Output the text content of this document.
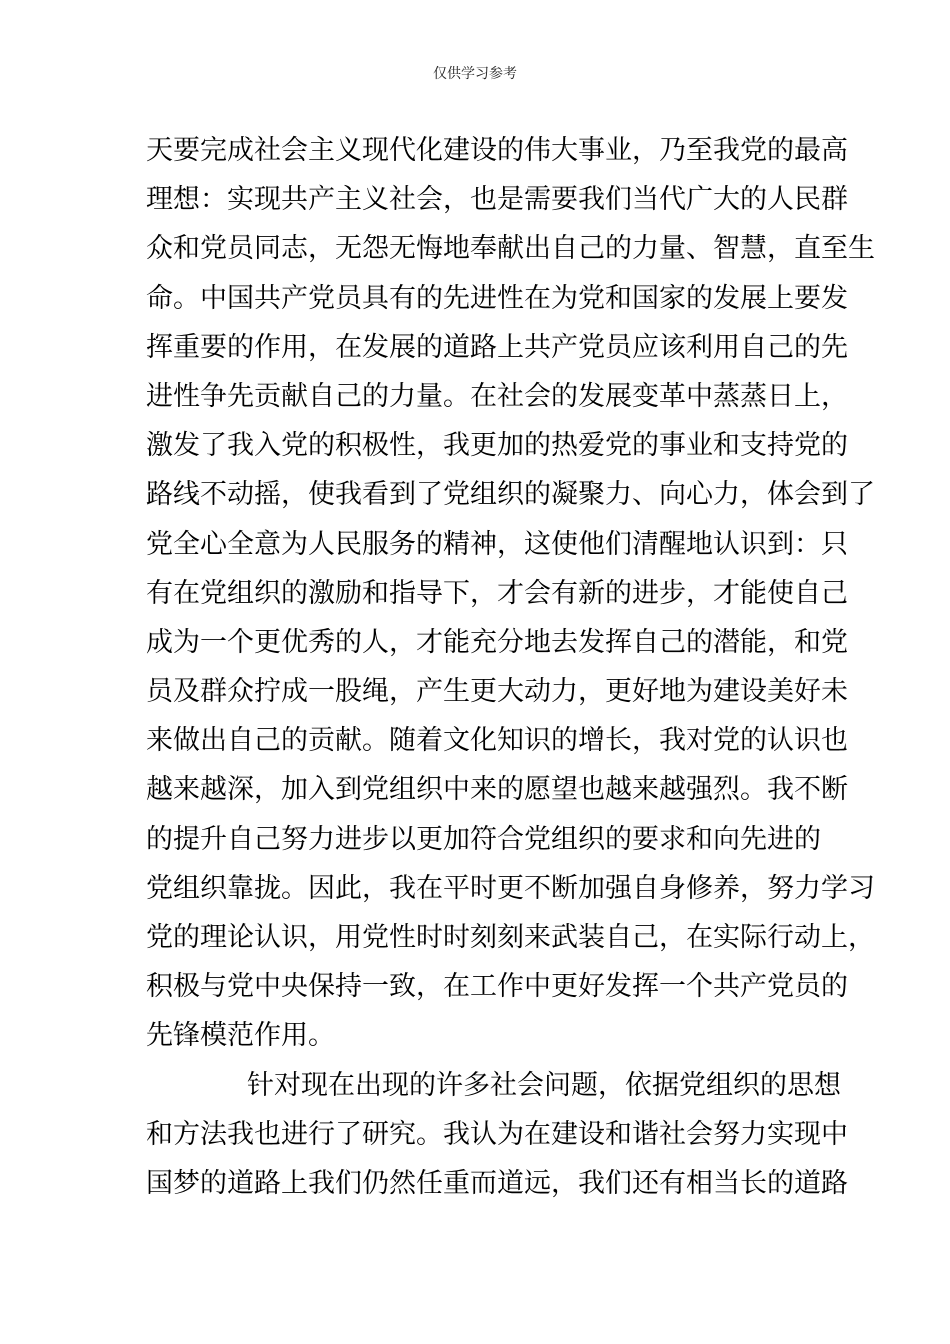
仅供学习参考
天要完成社会主义现代化建设的伟大事业，乃至我党的最高
理想：实现共产主义社会，也是需要我们当代广大的人民群
众和党员同志，无怨无悔地奉献出自己的力量、智慧，直至生
命。中国共产党员具有的先进性在为党和国家的发展上要发
挥重要的作用，在发展的道路上共产党员应该利用自己的先
进性争先贡献自己的力量。在社会的发展变革中蒸蒸日上，
激发了我入党的积极性，我更加的热爱党的事业和支持党的
路线不动摇，使我看到了党组织的凝聚力、向心力，体会到了
党全心全意为人民服务的精神，这使他们清醒地认识到：只
有在党组织的激励和指导下，才会有新的进步，才能使自己
成为一个更优秀的人，才能充分地去发挥自己的潜能，和党
员及群众拧成一股绳，产生更大动力，更好地为建设美好未
来做出自己的贡献。随着文化知识的增长，我对党的认识也
越来越深，加入到党组织中来的愿望也越来越强烈。我不断
的提升自己努力进步以更加符合党组织的要求和向先进的
党组织靠拢。因此，我在平时更不断加强自身修养，努力学习
党的理论认识，用党性时时刻刻来武装自己，在实际行动上，
积极与党中央保持一致，在工作中更好发挥一个共产党员的
先锋模范作用。
针对现在出现的许多社会问题，依据党组织的思想
和方法我也进行了研究。我认为在建设和谐社会努力实现中
国梦的道路上我们仍然任重而道远，我们还有相当长的道路
